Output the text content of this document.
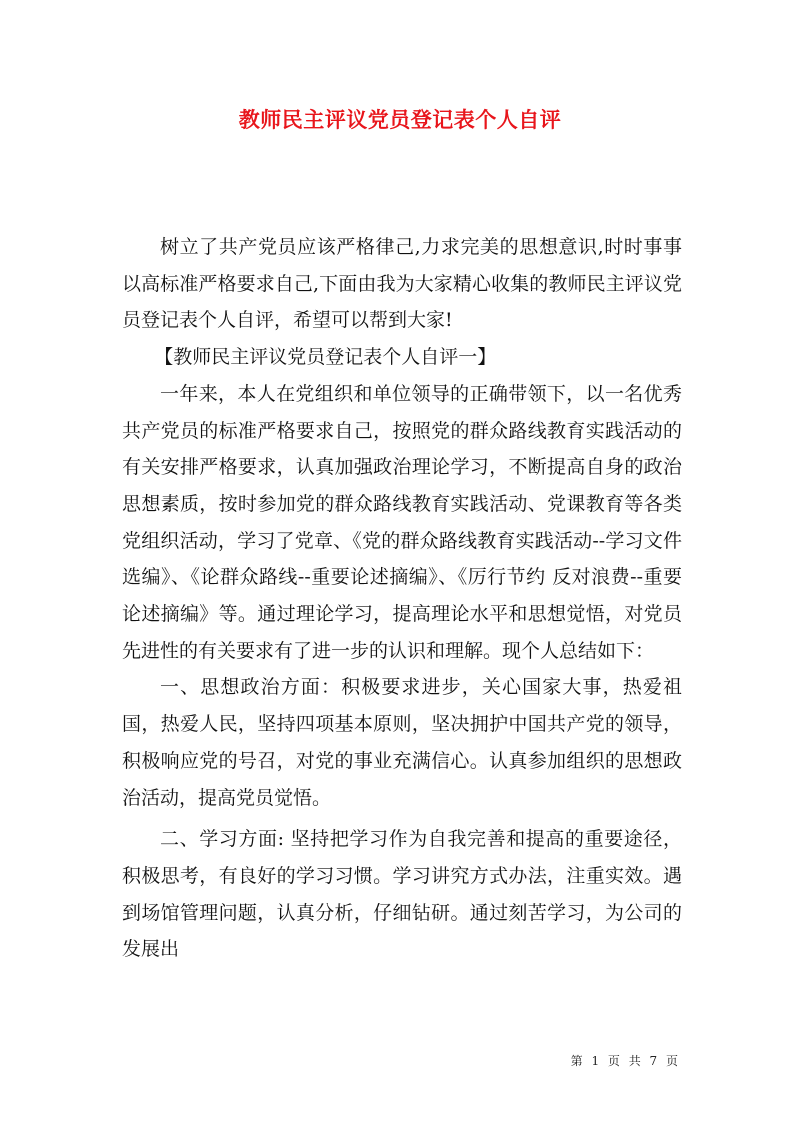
教师民主评议党员登记表个人自评

树立了共产党员应该严格律己,力求完美的思想意识,时时事事以高标准严格要求自己,下面由我为大家精心收集的教师民主评议党员登记表个人自评，希望可以帮到大家!

【教师民主评议党员登记表个人自评一】

一年来，本人在党组织和单位领导的正确带领下，以一名优秀共产党员的标准严格要求自己，按照党的群众路线教育实践活动的有关安排严格要求，认真加强政治理论学习，不断提高自身的政治思想素质，按时参加党的群众路线教育实践活动、党课教育等各类党组织活动，学习了党章、《党的群众路线教育实践活动--学习文件选编》、《论群众路线--重要论述摘编》、《厉行节约 反对浪费--重要论述摘编》等。通过理论学习，提高理论水平和思想觉悟，对党员先进性的有关要求有了进一步的认识和理解。现个人总结如下：

一、思想政治方面：积极要求进步，关心国家大事，热爱祖国，热爱人民，坚持四项基本原则，坚决拥护中国共产党的领导，积极响应党的号召，对党的事业充满信心。认真参加组织的思想政治活动，提高党员觉悟。

二、学习方面: 坚持把学习作为自我完善和提高的重要途径，积极思考，有良好的学习习惯。学习讲究方式办法，注重实效。遇到场馆管理问题，认真分析，仔细钻研。通过刻苦学习，为公司的发展出

第 1 页 共 7 页
